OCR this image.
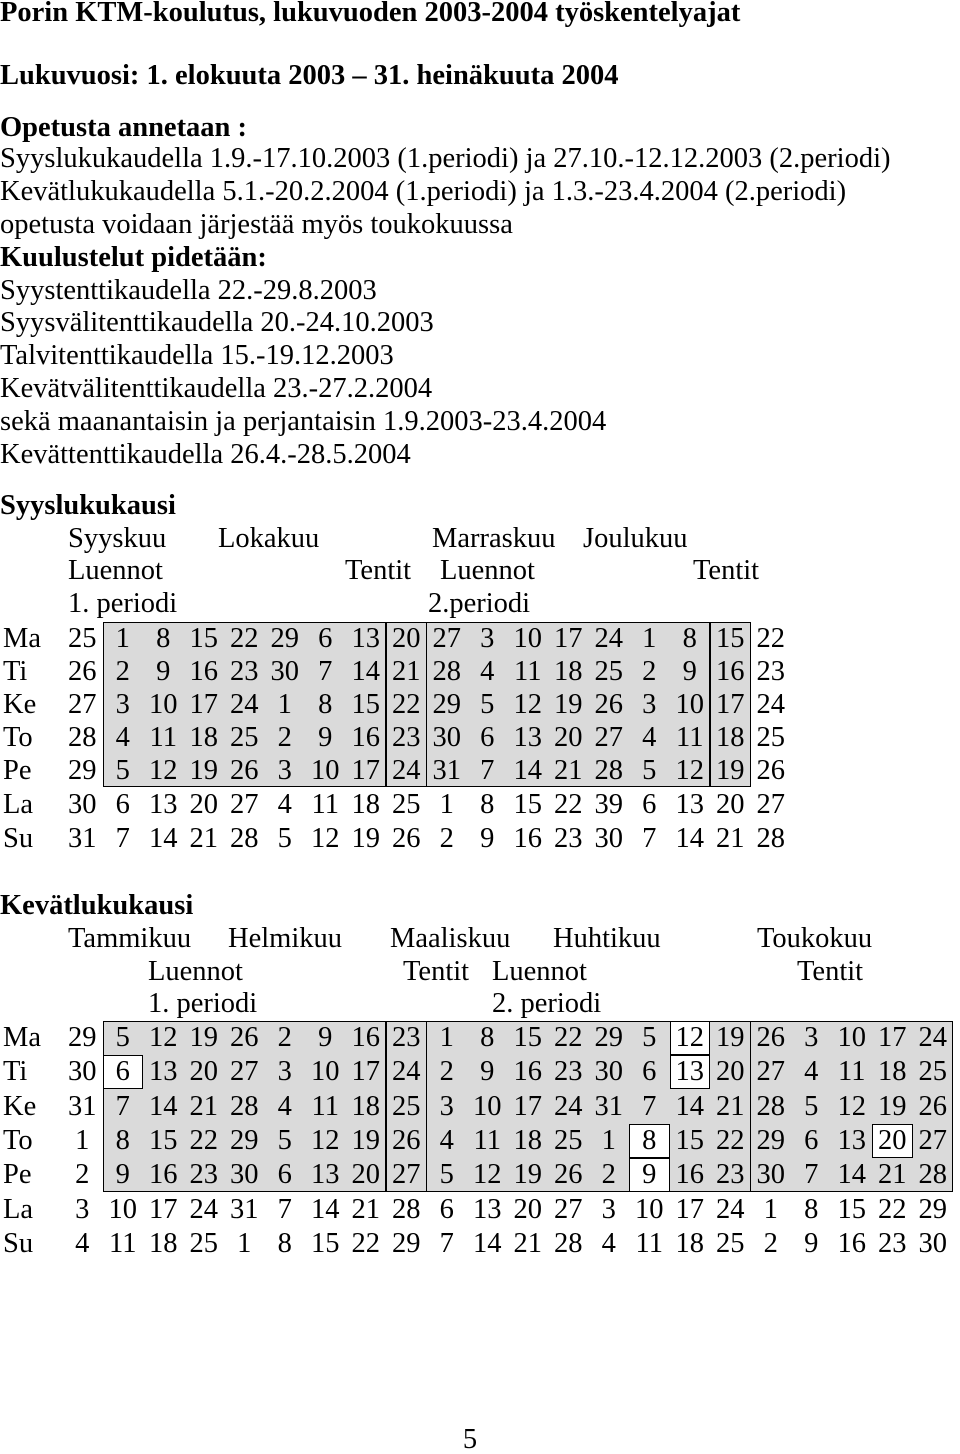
Porin KTM-koulutus, lukuvuoden 2003-2004 työskentelyajat
Lukuvuosi: 1. elokuuta 2003 – 31. heinäkuuta 2004
Opetusta annetaan :
Syyslukukaudella 1.9.-17.10.2003 (1.periodi) ja 27.10.-12.12.2003 (2.periodi)
Kevätlukukaudella 5.1.-20.2.2004 (1.periodi) ja 1.3.-23.4.2004 (2.periodi)
opetusta voidaan järjestää myös toukokuussa
Kuulustelut pidetään:
Syystenttikaudella 22.-29.8.2003
Syysvälitenttikaudella 20.-24.10.2003
Talvitenttikaudella 15.-19.12.2003
Kevätvälitenttikaudella 23.-27.2.2004
sekä maanantaisin ja perjantaisin 1.9.2003-23.4.2004
Kevättenttikaudella 26.4.-28.5.2004
Syyslukukausi
Syyskuu Lokakuu	Marraskuu Joulukuu
Luennot	Tentit Luennot	Tentit
1. periodi	2.periodi
Ma 25 1 8 15 22 29 6 13 20 27 3 10 17 24 1 8 15 22
Ti 26 2 9 16 23 30 7 14 21 28 4 11 18 25 2 9 16 23
Ke 27 3 10 17 24 1 8 15 22 29 5 12 19 26 3 10 17 24
To 28 4 11 18 25 2 9 16 23 30 6 13 20 27 4 11 18 25
Pe 29 5 12 19 26 3 10 17 24 31 7 14 21 28 5 12 19 26
La 30 6 13 20 27 4 11 18 25 1 8 15 22 39 6 13 20 27
Su 31 7 14 21 28 5 12 19 26 2 9 16 23 30 7 14 21 28
Kevätlukukausi
Tammikuu Helmikuu Maaliskuu Huhtikuu	Toukokuu
Luennot	Tentit Luennot	Tentit
1. periodi	2. periodi
Ma 29 5 12 19 26 2 9 16 23 1 8 15 22 29 5 12 19 26 3 10 17 24
Ti 30 6 13 20 27 3 10 17 24 2 9 16 23 30 6 13 20 27 4 11 18 25
Ke 31 7 14 21 28 4 11 18 25 3 10 17 24 31 7 14 21 28 5 12 19 26
To	1 8 15 22 29 5 12 19 26 4 11 18 25 1 8 15 22 29 6 13 20 27
Pe	2 9 16 23 30 6 13 20 27 5 12 19 26 2 9 16 23 30 7 14 21 28
La	3 10 17 24 31 7 14 21 28 6 13 20 27 3 10 17 24 1 8 15 22 29
Su	4 11 18 25 1 8 15 22 29 7 14 21 28 4 11 18 25 2 9 16 23 30
5
